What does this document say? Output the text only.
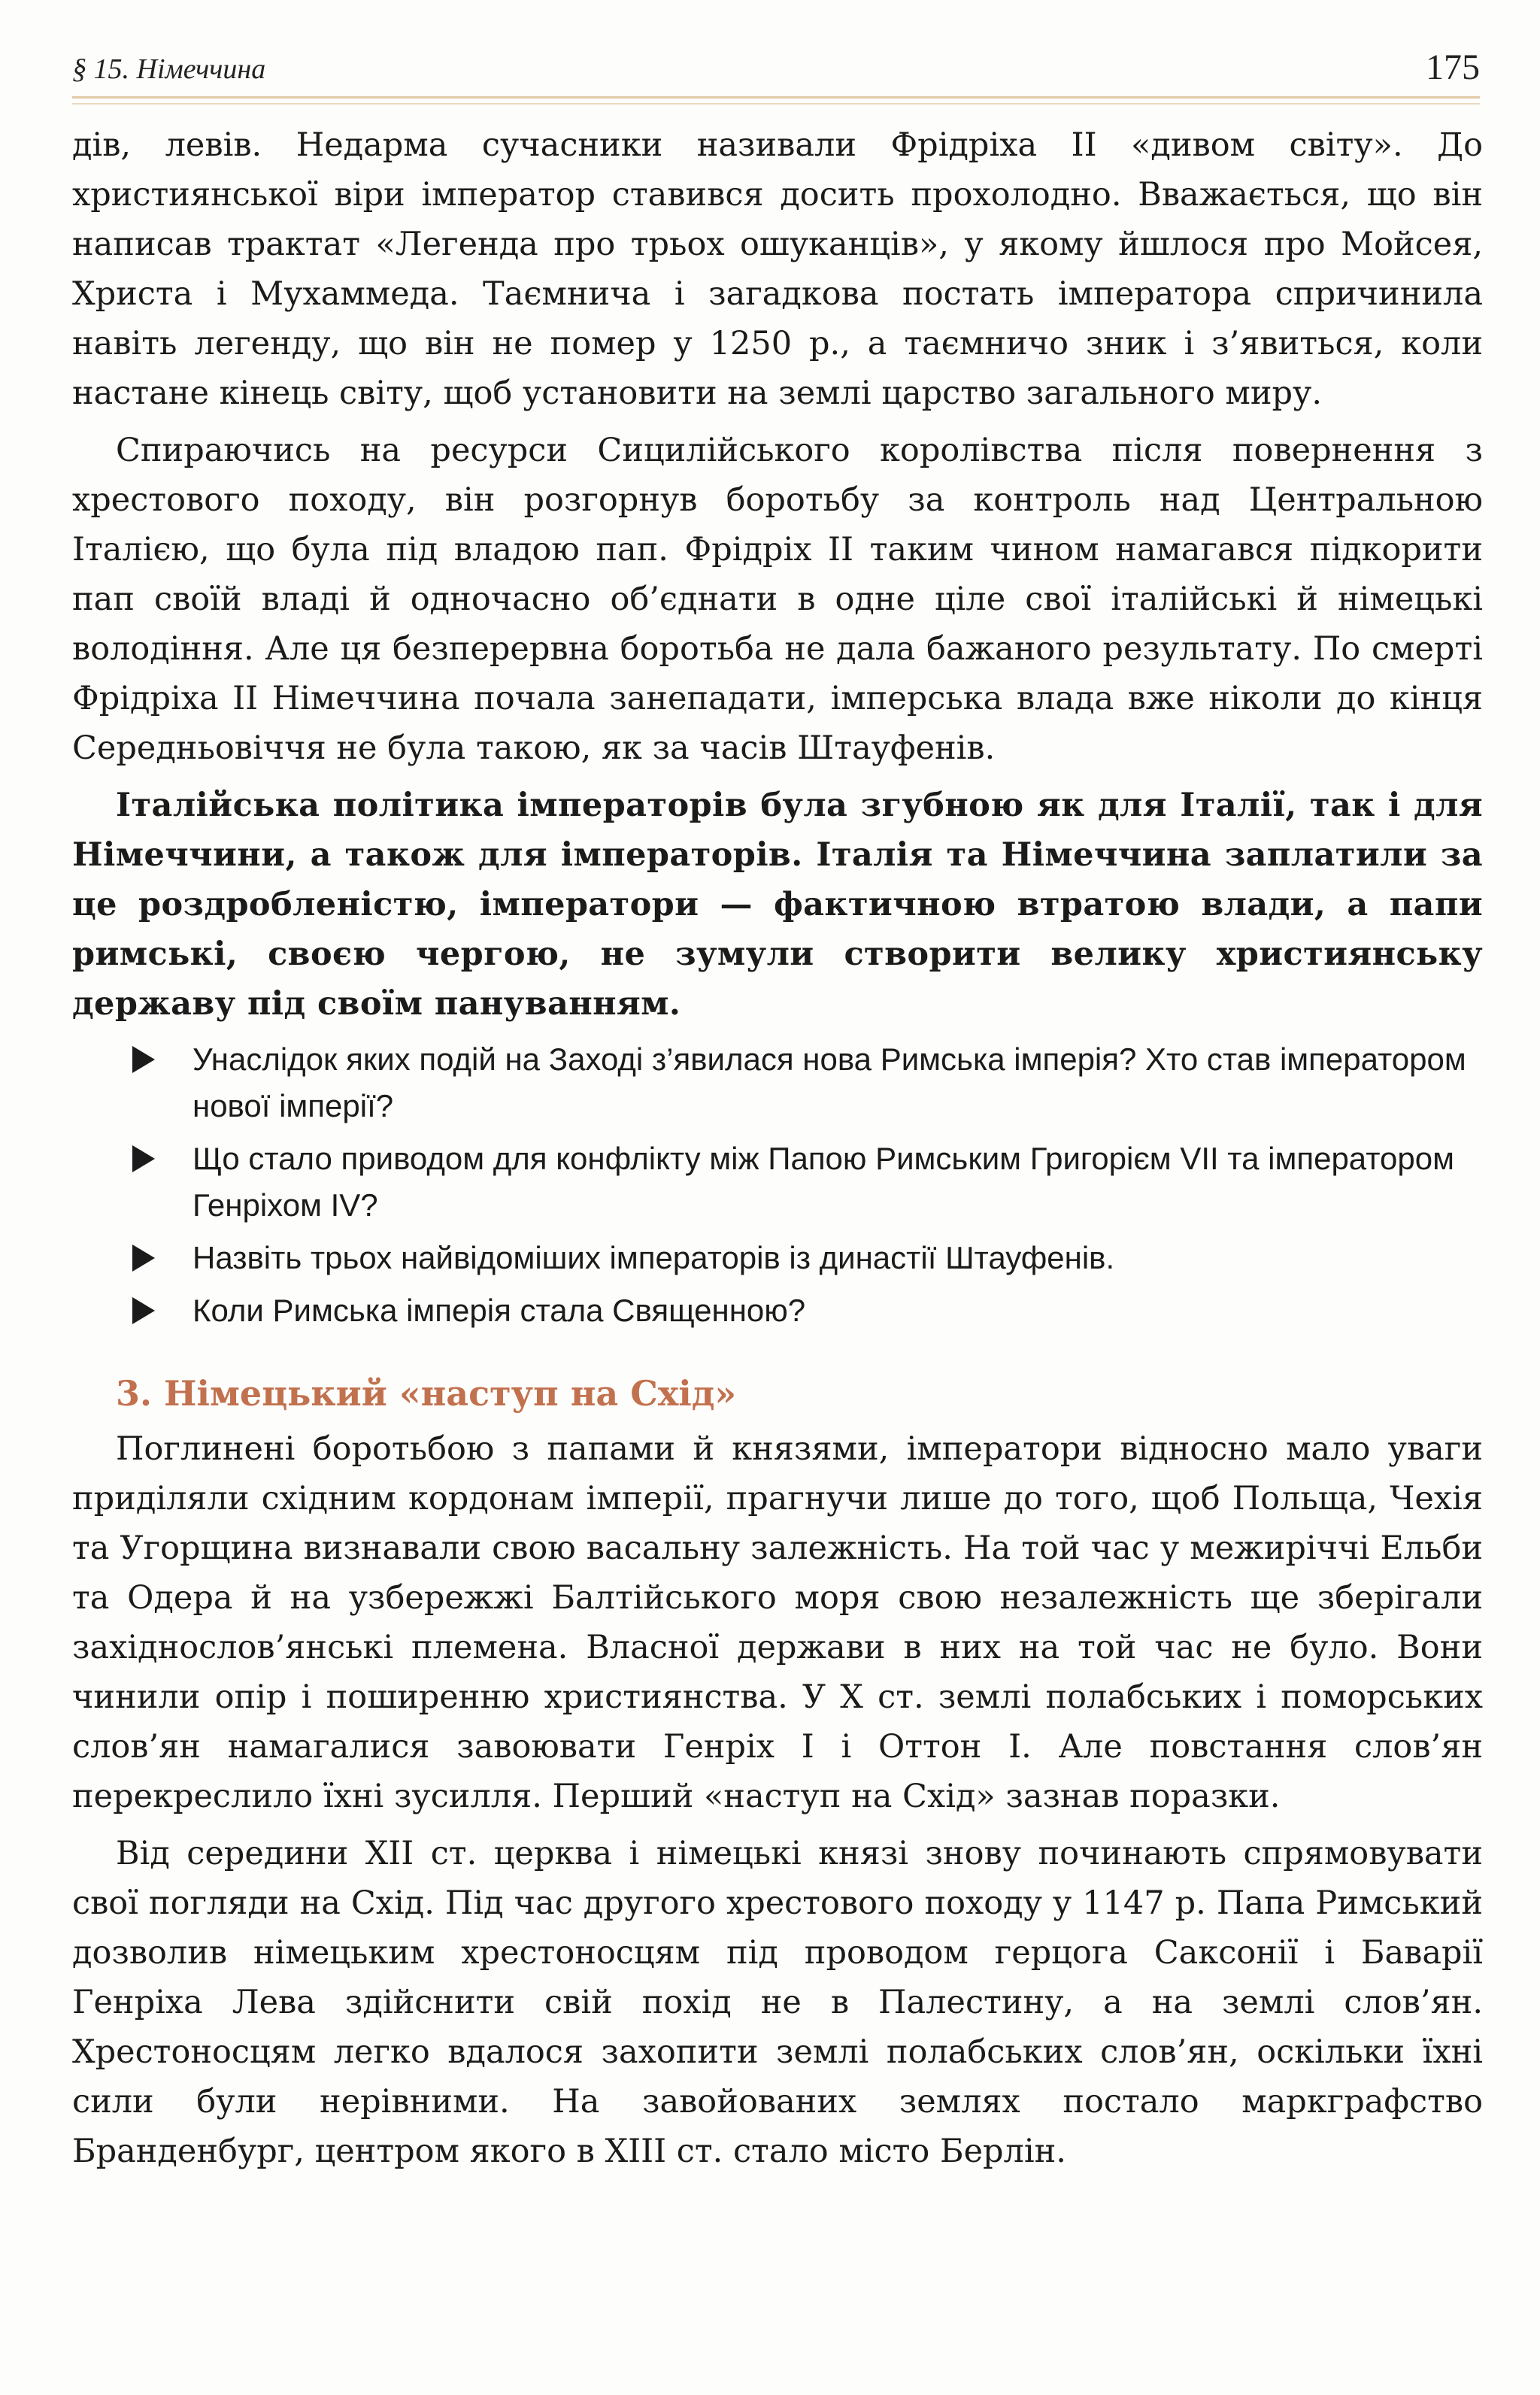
§ 15. Німеччина	175

дів, левів. Недарма сучасники називали Фрідріха II «дивом світу». До християнської віри імператор ставився досить прохолодно. Вважається, що він написав трактат «Легенда про трьох ошуканців», у якому йшлося про Мойсея, Христа і Мухаммеда. Таємнича і загадкова постать імператора спричинила навіть легенду, що він не помер у 1250 р., а таємничо зник і з’явиться, коли настане кінець світу, щоб установити на землі царство загального миру.

Спираючись на ресурси Сицилійського королівства після повернення з хрестового походу, він розгорнув боротьбу за контроль над Центральною Італією, що була під владою пап. Фрідріх II таким чином намагався підкорити пап своїй владі й одночасно об’єднати в одне ціле свої італійські й німецькі володіння. Але ця безперервна боротьба не дала бажаного результату. По смерті Фрідріха II Німеччина почала занепадати, імперська влада вже ніколи до кінця Середньовіччя не була такою, як за часів Штауфенів.

Італійська політика імператорів була згубною як для Італії, так і для Німеччини, а також для імператорів. Італія та Німеччина заплатили за це роздробленістю, імператори — фактичною втратою влади, а папи римські, своєю чергою, не зумули створити велику християнську державу під своїм пануванням.

Унаслідок яких подій на Заході з’явилася нова Римська імперія? Хто став імператором нової імперії?
Що стало приводом для конфлікту між Папою Римським Григорієм VII та імператором Генріхом IV?
Назвіть трьох найвідоміших імператорів із династії Штауфенів.
Коли Римська імперія стала Священною?
3. Німецький «наступ на Схід»

Поглинені боротьбою з папами й князями, імператори відносно мало уваги приділяли східним кордонам імперії, прагнучи лише до того, щоб Польща, Чехія та Угорщина визнавали свою васальну залежність. На той час у межиріччі Ельби та Одера й на узбережжі Балтійського моря свою незалежність ще зберігали західнослов’янські племена. Власної держави в них на той час не було. Вони чинили опір і поширенню християнства. У Х ст. землі полабських і поморських слов’ян намагалися завоювати Генріх І і Оттон І. Але повстання слов’ян перекреслило їхні зусилля. Перший «наступ на Схід» зазнав поразки.

Від середини XII ст. церква і німецькі князі знову починають спрямовувати свої погляди на Схід. Під час другого хрестового походу у 1147 р. Папа Римський дозволив німецьким хрестоносцям під проводом герцога Саксонії і Баварії Генріха Лева здійснити свій похід не в Палестину, а на землі слов’ян. Хрестоносцям легко вдалося захопити землі полабських слов’ян, оскільки їхні сили були нерівними. На завойованих землях постало маркграфство Бранденбург, центром якого в XIII ст. стало місто Берлін.
